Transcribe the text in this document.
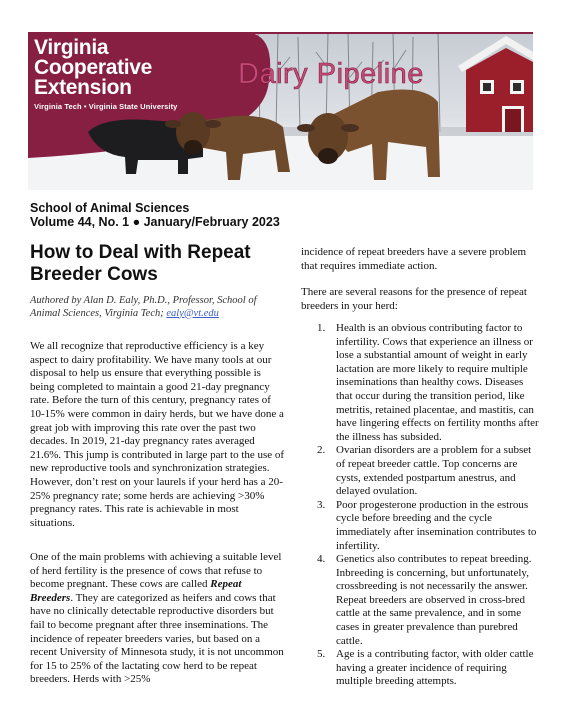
Virginia
Cooperative
Extension
Virginia Tech • Virginia State University
Dairy Pipeline
School of Animal Sciences
Volume 44, No. 1 ● January/February 2023
How to Deal with Repeat Breeder Cows

Authored by Alan D. Ealy, Ph.D., Professor, School of Animal Sciences, Virginia Tech; ealy@vt.edu

We all recognize that reproductive efficiency is a key aspect to dairy profitability. We have many tools at our disposal to help us ensure that everything possible is being completed to maintain a good 21-day pregnancy rate. Before the turn of this century, pregnancy rates of 10-15% were common in dairy herds, but we have done a great job with improving this rate over the past two decades. In 2019, 21-day pregnancy rates averaged 21.6%. This jump is contributed in large part to the use of new reproductive tools and synchronization strategies. However, don’t rest on your laurels if your herd has a 20-25% pregnancy rate; some herds are achieving >30% pregnancy rates. This rate is achievable in most situations.

One of the main problems with achieving a suitable level of herd fertility is the presence of cows that refuse to become pregnant. These cows are called Repeat Breeders. They are categorized as heifers and cows that have no clinically detectable reproductive disorders but fail to become pregnant after three inseminations. The incidence of repeater breeders varies, but based on a recent University of Minnesota study, it is not uncommon for 15 to 25% of the lactating cow herd to be repeat breeders. Herds with >25%

incidence of repeat breeders have a severe problem that requires immediate action.

There are several reasons for the presence of repeat breeders in your herd:

1. Health is an obvious contributing factor to infertility. Cows that experience an illness or lose a substantial amount of weight in early lactation are more likely to require multiple inseminations than healthy cows. Diseases that occur during the transition period, like metritis, retained placentae, and mastitis, can have lingering effects on fertility months after the illness has subsided.
2. Ovarian disorders are a problem for a subset of repeat breeder cattle. Top concerns are cysts, extended postpartum anestrus, and delayed ovulation.
3. Poor progesterone production in the estrous cycle before breeding and the cycle immediately after insemination contributes to infertility.
4. Genetics also contributes to repeat breeding. Inbreeding is concerning, but unfortunately, crossbreeding is not necessarily the answer. Repeat breeders are observed in cross-bred cattle at the same prevalence, and in some cases in greater prevalence than purebred cattle.
5. Age is a contributing factor, with older cattle having a greater incidence of requiring multiple breeding attempts.
